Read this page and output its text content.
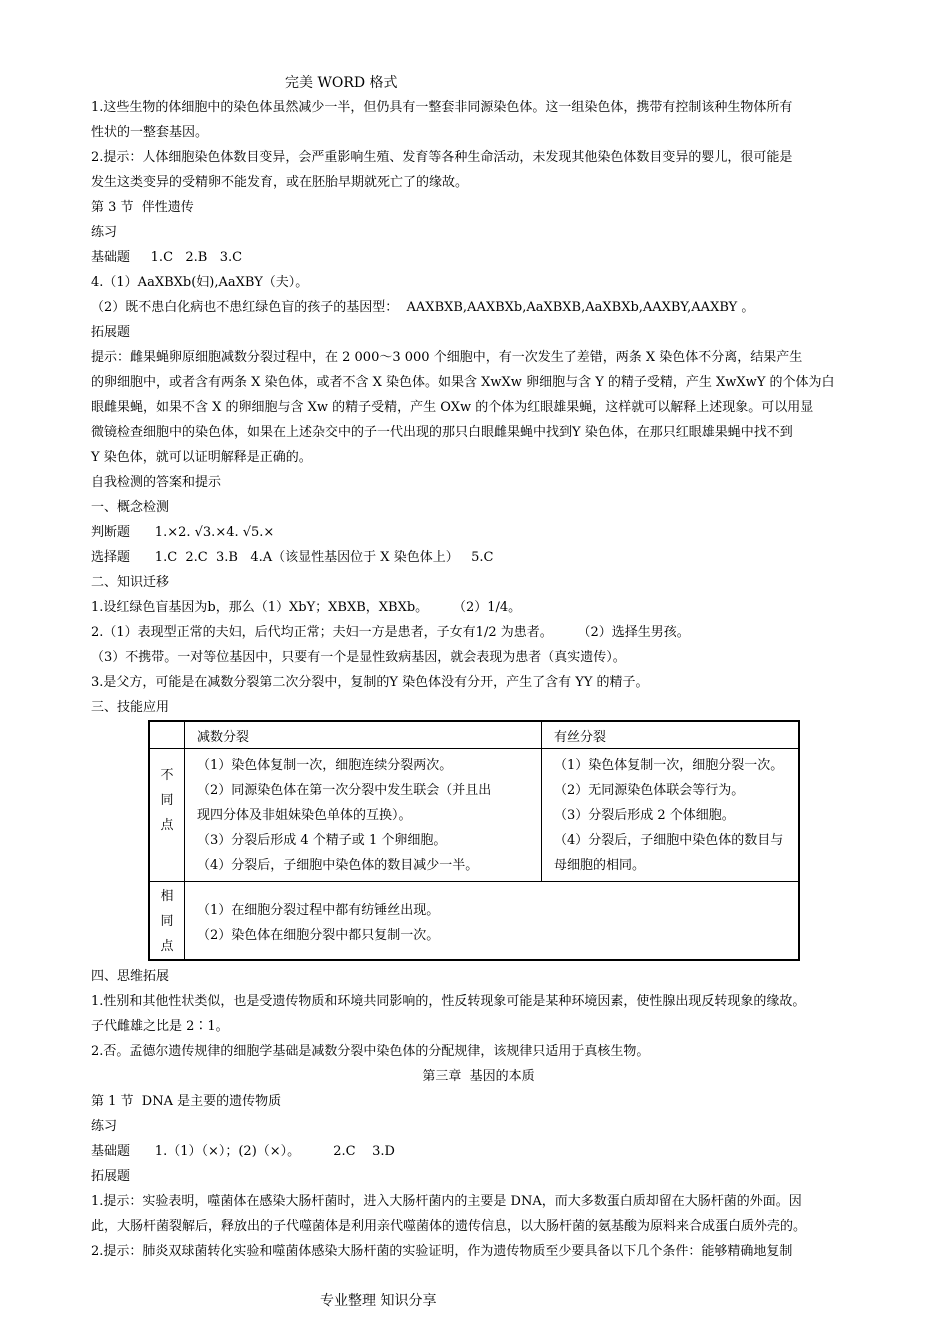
完美 WORD 格式

1.这些生物的体细胞中的染色体虽然减少一半，但仍具有一整套非同源染色体。这一组染色体，携带有控制该种生物体所有

性状的一整套基因。

2.提示：人体细胞染色体数目变异，会严重影响生殖、发育等各种生命活动，未发现其他染色体数目变异的婴儿，很可能是

发生这类变异的受精卵不能发育，或在胚胎早期就死亡了的缘故。

第 3 节  伴性遗传

练习

基础题     1.C   2.B   3.C

4.（1）AaXBXb(妇),AaXBY（夫）。

（2）既不患白化病也不患红绿色盲的孩子的基因型：  AAXBXB,AAXBXb,AaXBXB,AaXBXb,AAXBY,AAXBY 。

拓展题

提示：雌果蝇卵原细胞减数分裂过程中，在 2 000～3 000 个细胞中，有一次发生了差错，两条 X 染色体不分离，结果产生

的卵细胞中，或者含有两条 X 染色体，或者不含 X 染色体。如果含 XwXw 卵细胞与含 Y 的精子受精，产生 XwXwY 的个体为白

眼雌果蝇，如果不含 X 的卵细胞与含 Xw 的精子受精，产生 OXw 的个体为红眼雄果蝇，这样就可以解释上述现象。可以用显

微镜检查细胞中的染色体，如果在上述杂交中的子一代出现的那只白眼雌果蝇中找到Y 染色体，在那只红眼雄果蝇中找不到

Y 染色体，就可以证明解释是正确的。

自我检测的答案和提示

一、概念检测

判断题      1.×2. √3.×4. √5.×

选择题      1.C  2.C  3.B   4.A（该显性基因位于 X 染色体上）   5.C

二、知识迁移

1.设红绿色盲基因为b，那么（1）XbY；XBXB，XBXb。      （2）1/4。

2.（1）表现型正常的夫妇，后代均正常；夫妇一方是患者，子女有1/2 为患者。      （2）选择生男孩。

（3）不携带。一对等位基因中，只要有一个是显性致病基因，就会表现为患者（真实遗传）。

3.是父方，可能是在减数分裂第二次分裂中，复制的Y 染色体没有分开，产生了含有 YY 的精子。

三、技能应用

	减数分裂	有丝分裂

不
同
点	（1）染色体复制一次，细胞连续分裂两次。
（2）同源染色体在第一次分裂中发生联会（并且出
现四分体及非姐妹染色单体的互换）。
（3）分裂后形成 4 个精子或 1 个卵细胞。
（4）分裂后，子细胞中染色体的数目减少一半。	（1）染色体复制一次，细胞分裂一次。
（2）无同源染色体联会等行为。
（3）分裂后形成 2 个体细胞。
（4）分裂后，子细胞中染色体的数目与
母细胞的相同。

相
同
点	（1）在细胞分裂过程中都有纺锤丝出现。
（2）染色体在细胞分裂中都只复制一次。	

四、思维拓展

1.性别和其他性状类似，也是受遗传物质和环境共同影响的，性反转现象可能是某种环境因素，使性腺出现反转现象的缘故。

子代雌雄之比是 2∶1。

2.否。孟德尔遗传规律的细胞学基础是减数分裂中染色体的分配规律，该规律只适用于真核生物。

第三章  基因的本质

第 1 节  DNA 是主要的遗传物质

练习

基础题      1.（1）（×）；(2)（×）。        2.C    3.D

拓展题

1.提示：实验表明，噬菌体在感染大肠杆菌时，进入大肠杆菌内的主要是 DNA，而大多数蛋白质却留在大肠杆菌的外面。因

此，大肠杆菌裂解后，释放出的子代噬菌体是利用亲代噬菌体的遗传信息，以大肠杆菌的氨基酸为原料来合成蛋白质外壳的。

2.提示：肺炎双球菌转化实验和噬菌体感染大肠杆菌的实验证明，作为遗传物质至少要具备以下几个条件：能够精确地复制

专业整理 知识分享
